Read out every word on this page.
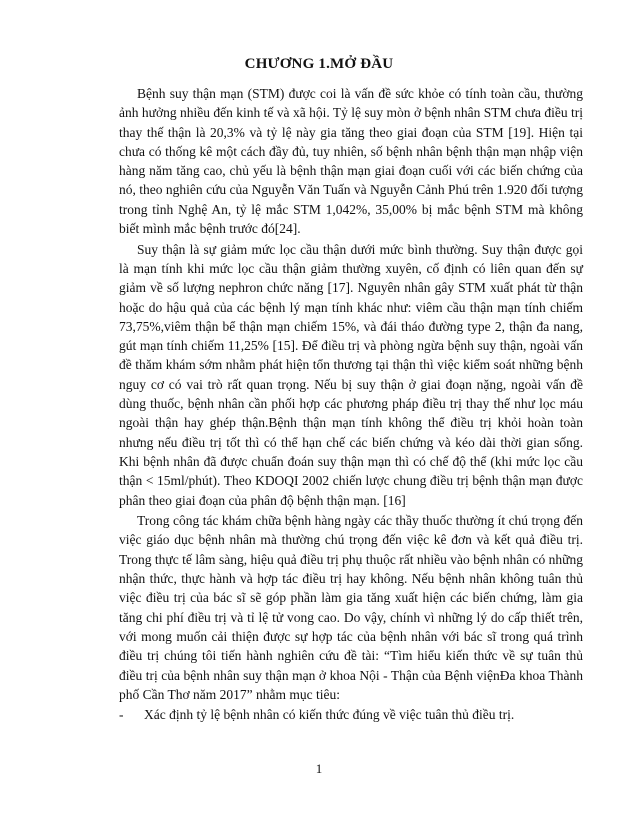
CHƯƠNG 1.MỞ ĐẦU

Bệnh suy thận mạn (STM) được coi là vấn đề sức khỏe có tính toàn cầu, thường ảnh hưởng nhiều đến kinh tế và xã hội. Tỷ lệ suy mòn ở bệnh nhân STM chưa điều trị thay thế thận là 20,3% và tỷ lệ này gia tăng theo giai đoạn của STM [19]. Hiện tại chưa có thống kê một cách đầy đủ, tuy nhiên, số bệnh nhân bệnh thận mạn nhập viện hàng năm tăng cao, chủ yếu là bệnh thận mạn giai đoạn cuối với các biến chứng của nó, theo nghiên cứu của Nguyễn Văn Tuấn và Nguyễn Cảnh Phú trên 1.920 đối tượng trong tỉnh Nghệ An, tỷ lệ mắc STM 1,042%, 35,00% bị mắc bệnh STM mà không biết mình mắc bệnh trước đó[24].

Suy thận là sự giảm mức lọc cầu thận dưới mức bình thường. Suy thận được gọi là mạn tính khi mức lọc cầu thận giảm thường xuyên, cố định có liên quan đến sự giảm về số lượng nephron chức năng [17]. Nguyên nhân gây STM xuất phát từ thận hoặc do hậu quả của các bệnh lý mạn tính khác như: viêm cầu thận mạn tính chiếm 73,75%,viêm thận bể thận mạn chiếm 15%, và đái tháo đường type 2, thận đa nang, gút mạn tính chiếm 11,25% [15]. Để điều trị và phòng ngừa bệnh suy thận, ngoài vấn đề thăm khám sớm nhằm phát hiện tổn thương tại thận thì việc kiểm soát những bệnh nguy cơ có vai trò rất quan trọng. Nếu bị suy thận ở giai đoạn nặng, ngoài vấn đề dùng thuốc, bệnh nhân cần phối hợp các phương pháp điều trị thay thế như lọc máu ngoài thận hay ghép thận.Bệnh thận mạn tính không thể điều trị khỏi hoàn toàn nhưng nếu điều trị tốt thì có thể hạn chế các biến chứng và kéo dài thời gian sống. Khi bệnh nhân đã được chuẩn đoán suy thận mạn thì có chế độ thể (khi mức lọc cầu thận < 15ml/phút). Theo KDOQI 2002 chiến lược chung điều trị bệnh thận mạn được phân theo giai đoạn của phân độ bệnh thận mạn. [16]

Trong công tác khám chữa bệnh hàng ngày các thầy thuốc thường ít chú trọng đến việc giáo dục bệnh nhân mà thường chú trọng đến việc kê đơn và kết quả điều trị. Trong thực tế lâm sàng, hiệu quả điều trị phụ thuộc rất nhiều vào bệnh nhân có những nhận thức, thực hành và hợp tác điều trị hay không. Nếu bệnh nhân không tuân thủ việc điều trị của bác sĩ sẽ góp phần làm gia tăng xuất hiện các biến chứng, làm gia tăng chi phí điều trị và tỉ lệ tử vong cao. Do vậy, chính vì những lý do cấp thiết trên, với mong muốn cải thiện được sự hợp tác của bệnh nhân với bác sĩ trong quá trình điều trị chúng tôi tiến hành nghiên cứu đề tài: “Tìm hiểu kiến thức về sự tuân thủ điều trị của bệnh nhân suy thận mạn ở khoa Nội - Thận của Bệnh việnĐa khoa Thành phố Cần Thơ năm 2017” nhằm mục tiêu:

-	Xác định tỷ lệ bệnh nhân có kiến thức đúng về việc tuân thủ điều trị.
1
